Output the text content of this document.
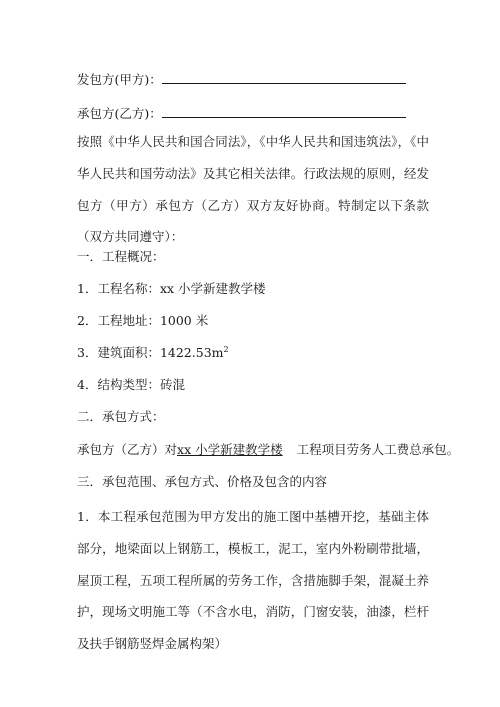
发包方(甲方)：
承包方(乙方)：
按照《中华人民共和国合同法》，《中华人民共和国违筑法》，《中华人民共和国劳动法》及其它相关法律。行政法规的原则，经发包方（甲方）承包方（乙方）双方友好协商。特制定以下条款（双方共同遵守）：
一．工程概况：
1．工程名称：xx 小学新建教学楼
2．工程地址：1000 米
3．建筑面积：$1422.53m^2$
4．结构类型：砖混
二．承包方式：
承包方（乙方）对xx 小学新建教学楼 工程项目劳务人工费总承包。
三．承包范围、承包方式、价格及包含的内容
1．本工程承包范围为甲方发出的施工图中基槽开挖，基础主体部分，地梁面以上钢筋工，模板工，泥工，室内外粉刷带批墙，屋顶工程，五项工程所属的劳务工作，含措施脚手架，混凝土养护，现场文明施工等（不含水电，消防，门窗安装，油漆，栏杆及扶手钢筋竖焊金属构架）
